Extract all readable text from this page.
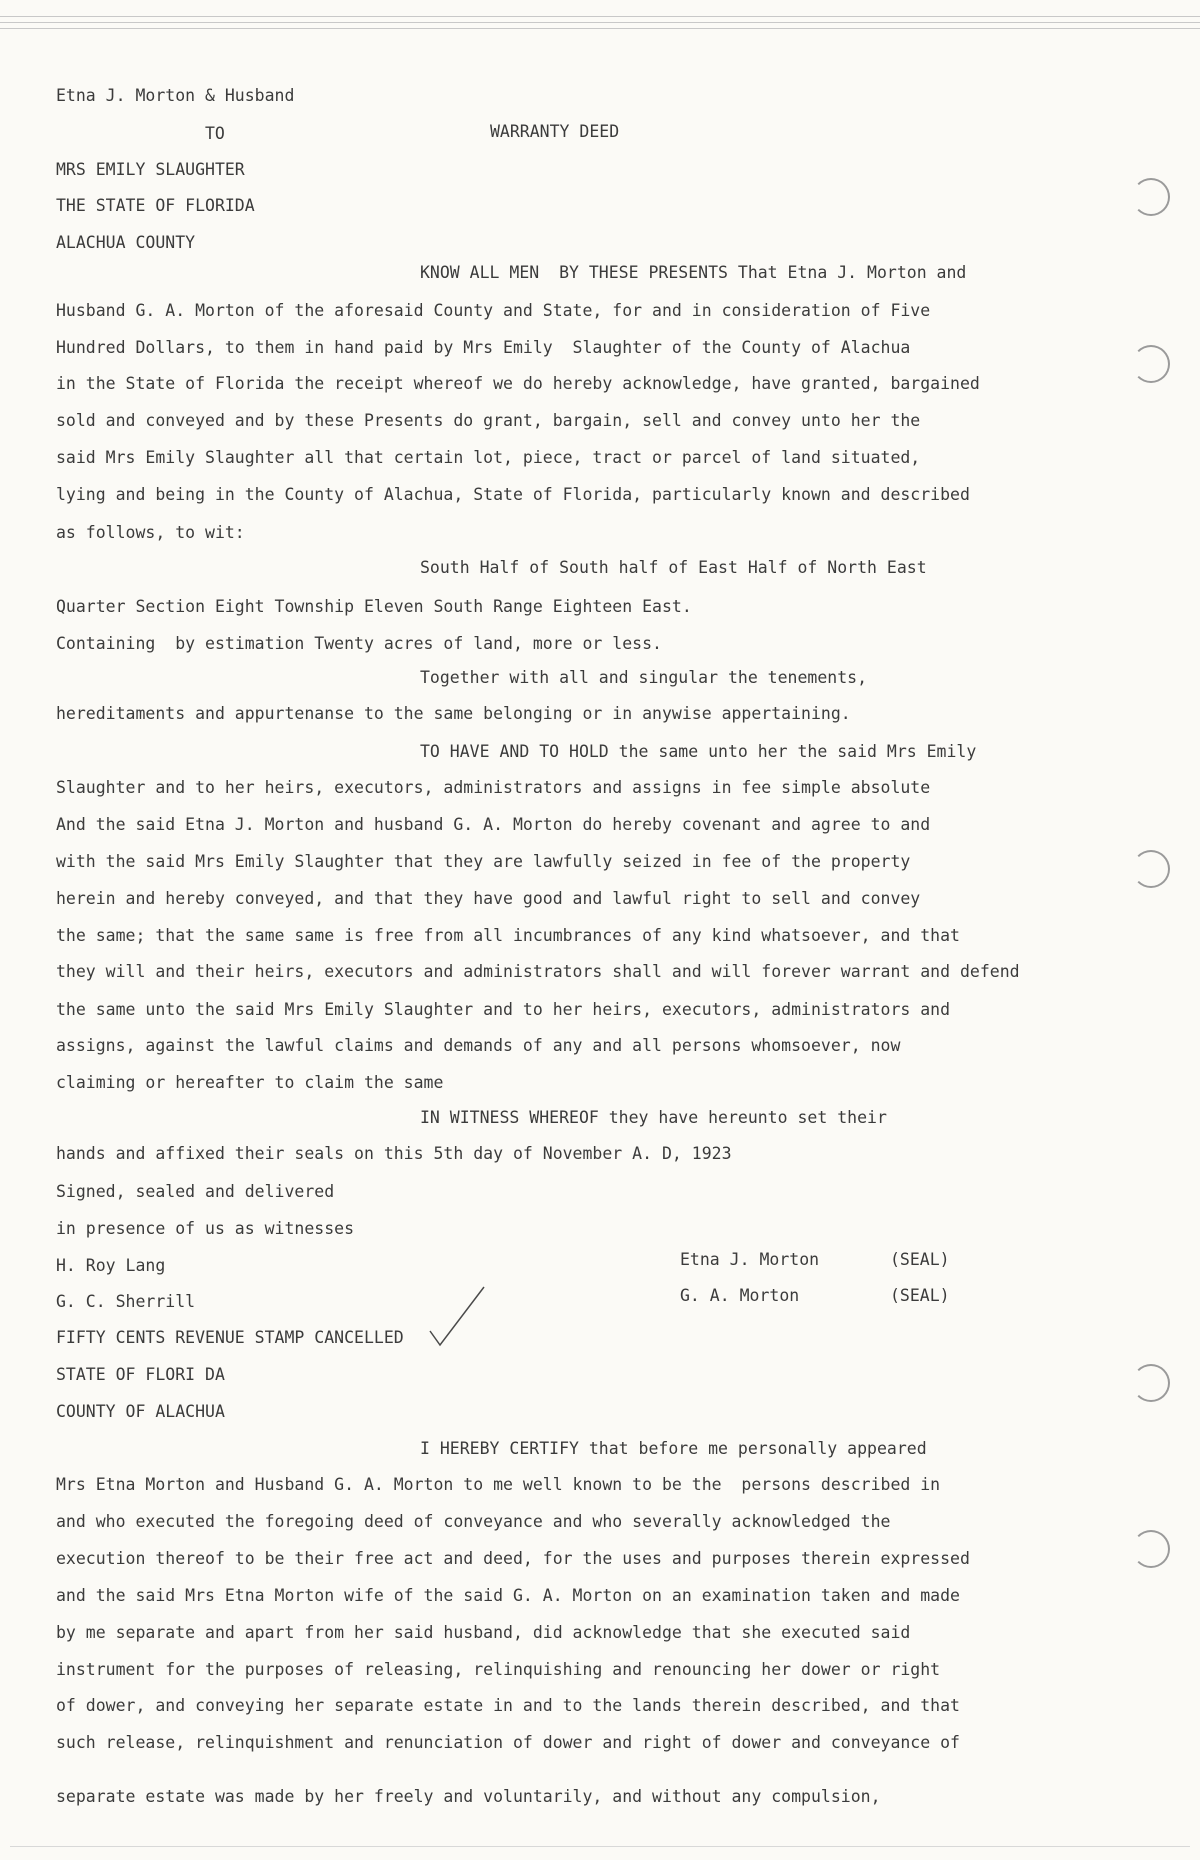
Etna J. Morton & Husband
TO	WARRANTY DEED
MRS EMILY SLAUGHTER
THE STATE OF FLORIDA
ALACHUA COUNTY
KNOW ALL MEN  BY THESE PRESENTS That Etna J. Morton and
Husband G. A. Morton of the aforesaid County and State, for and in consideration of Five
Hundred Dollars, to them in hand paid by Mrs Emily  Slaughter of the County of Alachua
in the State of Florida the receipt whereof we do hereby acknowledge, have granted, bargained
sold and conveyed and by these Presents do grant, bargain, sell and convey unto her the
said Mrs Emily Slaughter all that certain lot, piece, tract or parcel of land situated,
lying and being in the County of Alachua, State of Florida, particularly known and described
as follows, to wit:
South Half of South half of East Half of North East
Quarter Section Eight Township Eleven South Range Eighteen East.
Containing  by estimation Twenty acres of land, more or less.
Together with all and singular the tenements,
hereditaments and appurtenanse to the same belonging or in anywise appertaining.
TO HAVE AND TO HOLD the same unto her the said Mrs Emily
Slaughter and to her heirs, executors, administrators and assigns in fee simple absolute
And the said Etna J. Morton and husband G. A. Morton do hereby covenant and agree to and
with the said Mrs Emily Slaughter that they are lawfully seized in fee of the property
herein and hereby conveyed, and that they have good and lawful right to sell and convey
the same; that the same same is free from all incumbrances of any kind whatsoever, and that
they will and their heirs, executors and administrators shall and will forever warrant and defend
the same unto the said Mrs Emily Slaughter and to her heirs, executors, administrators and
assigns, against the lawful claims and demands of any and all persons whomsoever, now
claiming or hereafter to claim the same
IN WITNESS WHEREOF they have hereunto set their
hands and affixed their seals on this 5th day of November A. D, 1923
Signed, sealed and delivered
in presence of us as witnesses
H. Roy Lang	Etna J. Morton	(SEAL)
G. C. Sherrill	G. A. Morton	(SEAL)
FIFTY CENTS REVENUE STAMP CANCELLED
STATE OF FLORI DA
COUNTY OF ALACHUA
I HEREBY CERTIFY that before me personally appeared
Mrs Etna Morton and Husband G. A. Morton to me well known to be the  persons described in
and who executed the foregoing deed of conveyance and who severally acknowledged the
execution thereof to be their free act and deed, for the uses and purposes therein expressed
and the said Mrs Etna Morton wife of the said G. A. Morton on an examination taken and made
by me separate and apart from her said husband, did acknowledge that she executed said
instrument for the purposes of releasing, relinquishing and renouncing her dower or right
of dower, and conveying her separate estate in and to the lands therein described, and that
such release, relinquishment and renunciation of dower and right of dower and conveyance of
separate estate was made by her freely and voluntarily, and without any compulsion,
